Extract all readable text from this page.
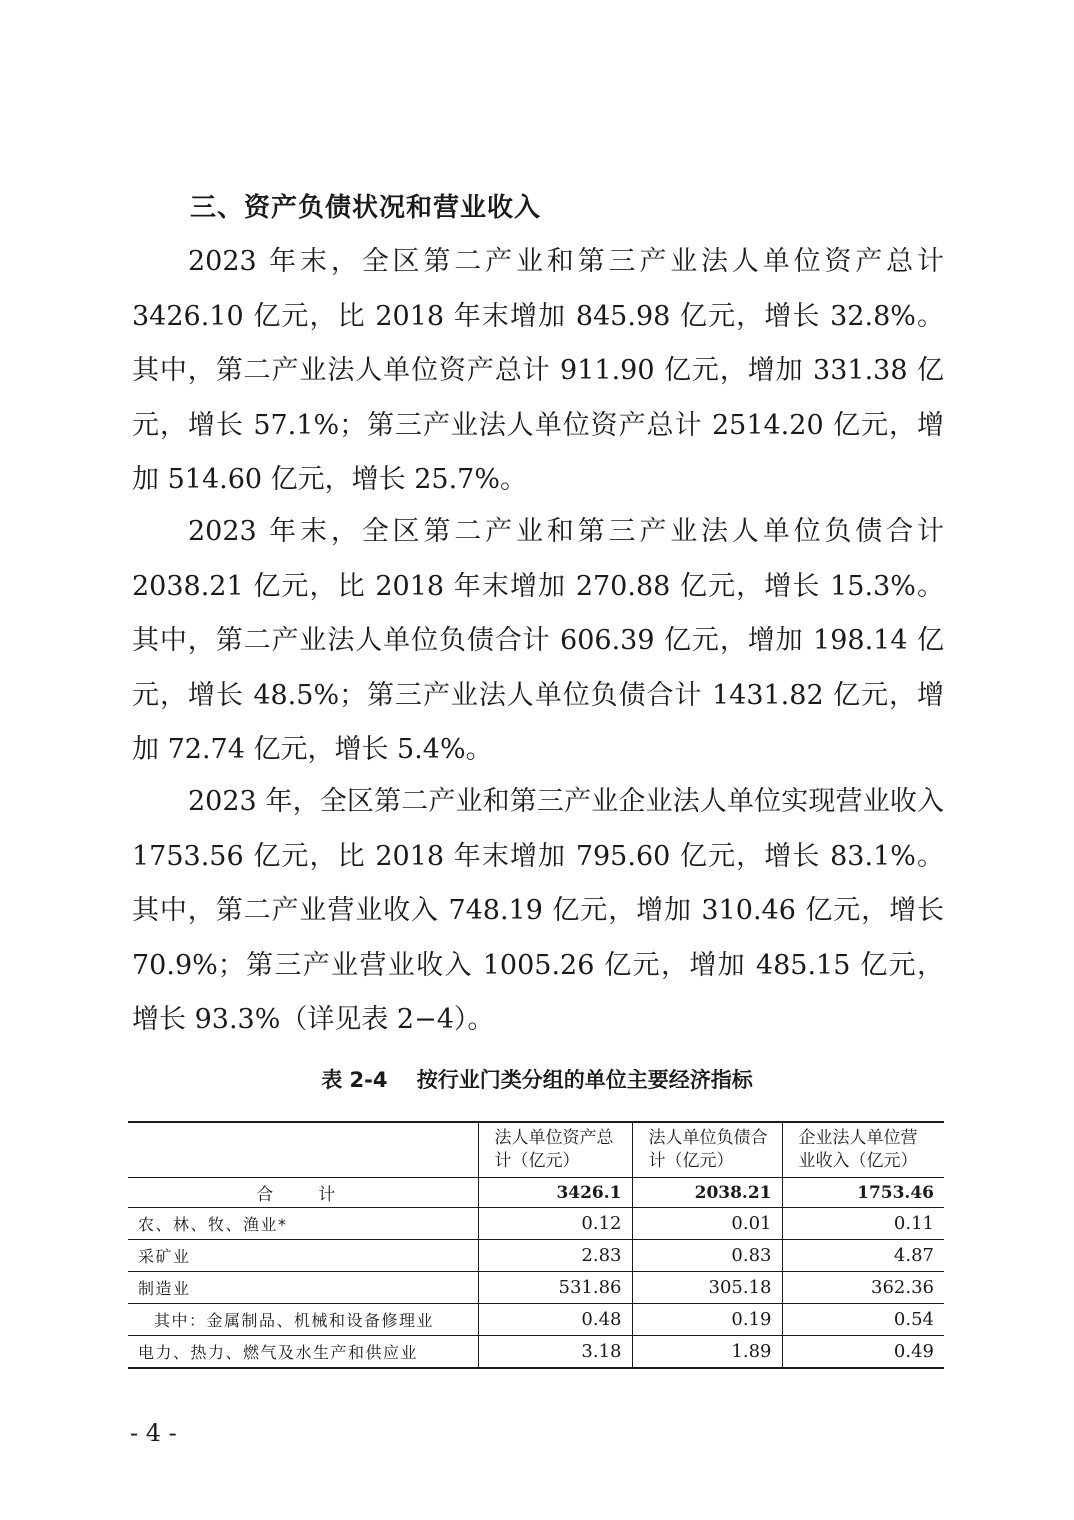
三、资产负债状况和营业收入
2023 年末，全区第二产业和第三产业法人单位资产总计 3426.10 亿元，比 2018 年末增加 845.98 亿元，增长 32.8%。其中，第二产业法人单位资产总计 911.90 亿元，增加 331.38 亿元，增长 57.1%；第三产业法人单位资产总计 2514.20 亿元，增加 514.60 亿元，增长 25.7%。
2023 年末，全区第二产业和第三产业法人单位负债合计 2038.21 亿元，比 2018 年末增加 270.88 亿元，增长 15.3%。其中，第二产业法人单位负债合计 606.39 亿元，增加 198.14 亿元，增长 48.5%；第三产业法人单位负债合计 1431.82 亿元，增加 72.74 亿元，增长 5.4%。
2023 年，全区第二产业和第三产业企业法人单位实现营业收入 1753.56 亿元，比 2018 年末增加 795.60 亿元，增长 83.1%。其中，第二产业营业收入 748.19 亿元，增加 310.46 亿元，增长 70.9%；第三产业营业收入 1005.26 亿元，增加 485.15 亿元，增长 93.3%（详见表 2−4）。
表 2-4    按行业门类分组的单位主要经济指标
	法人单位资产总计（亿元）	法人单位负债合计（亿元）	企业法人单位营业收入（亿元）
合　计	3426.1	2038.21	1753.46
农、林、牧、渔业*	0.12	0.01	0.11
采矿业	2.83	0.83	4.87
制造业	531.86	305.18	362.36
其中：金属制品、机械和设备修理业	0.48	0.19	0.54
电力、热力、燃气及水生产和供应业	3.18	1.89	0.49
- 4 -
